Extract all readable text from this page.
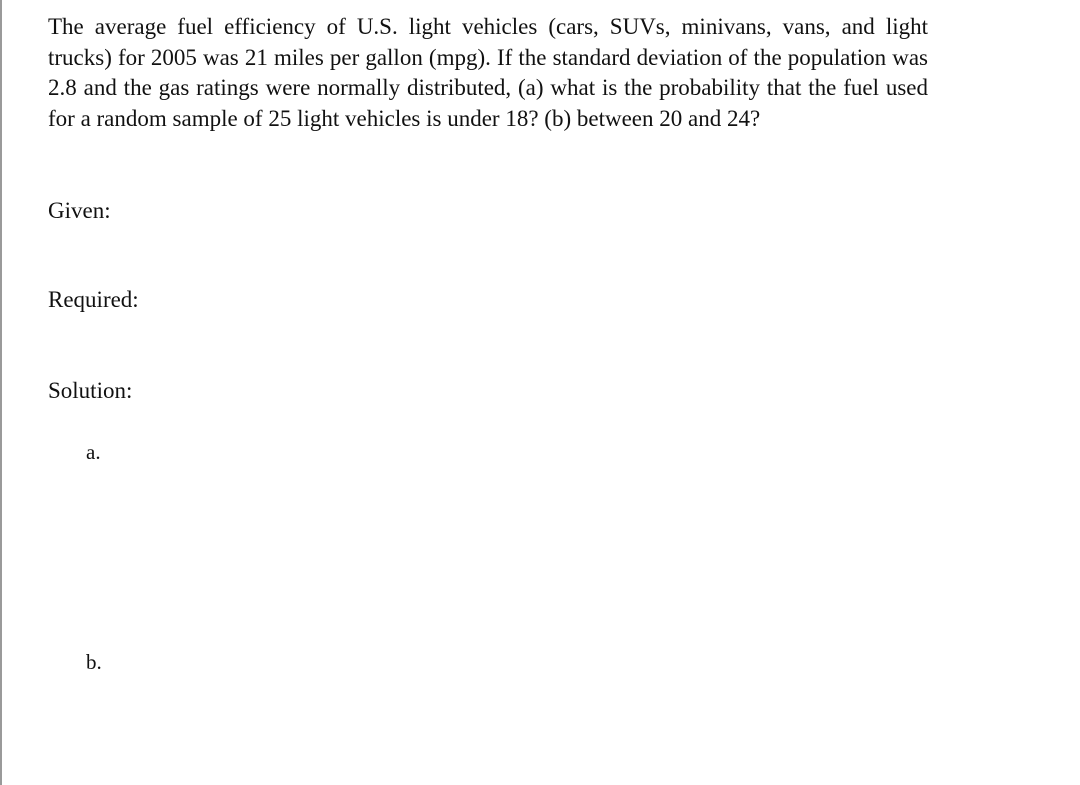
The average fuel efficiency of U.S. light vehicles (cars, SUVs, minivans, vans, and light trucks) for 2005 was 21 miles per gallon (mpg). If the standard deviation of the population was 2.8 and the gas ratings were normally distributed, (a) what is the probability that the fuel used for a random sample of 25 light vehicles is under 18? (b) between 20 and 24?

Given:

Required:

Solution:

a.

b.
